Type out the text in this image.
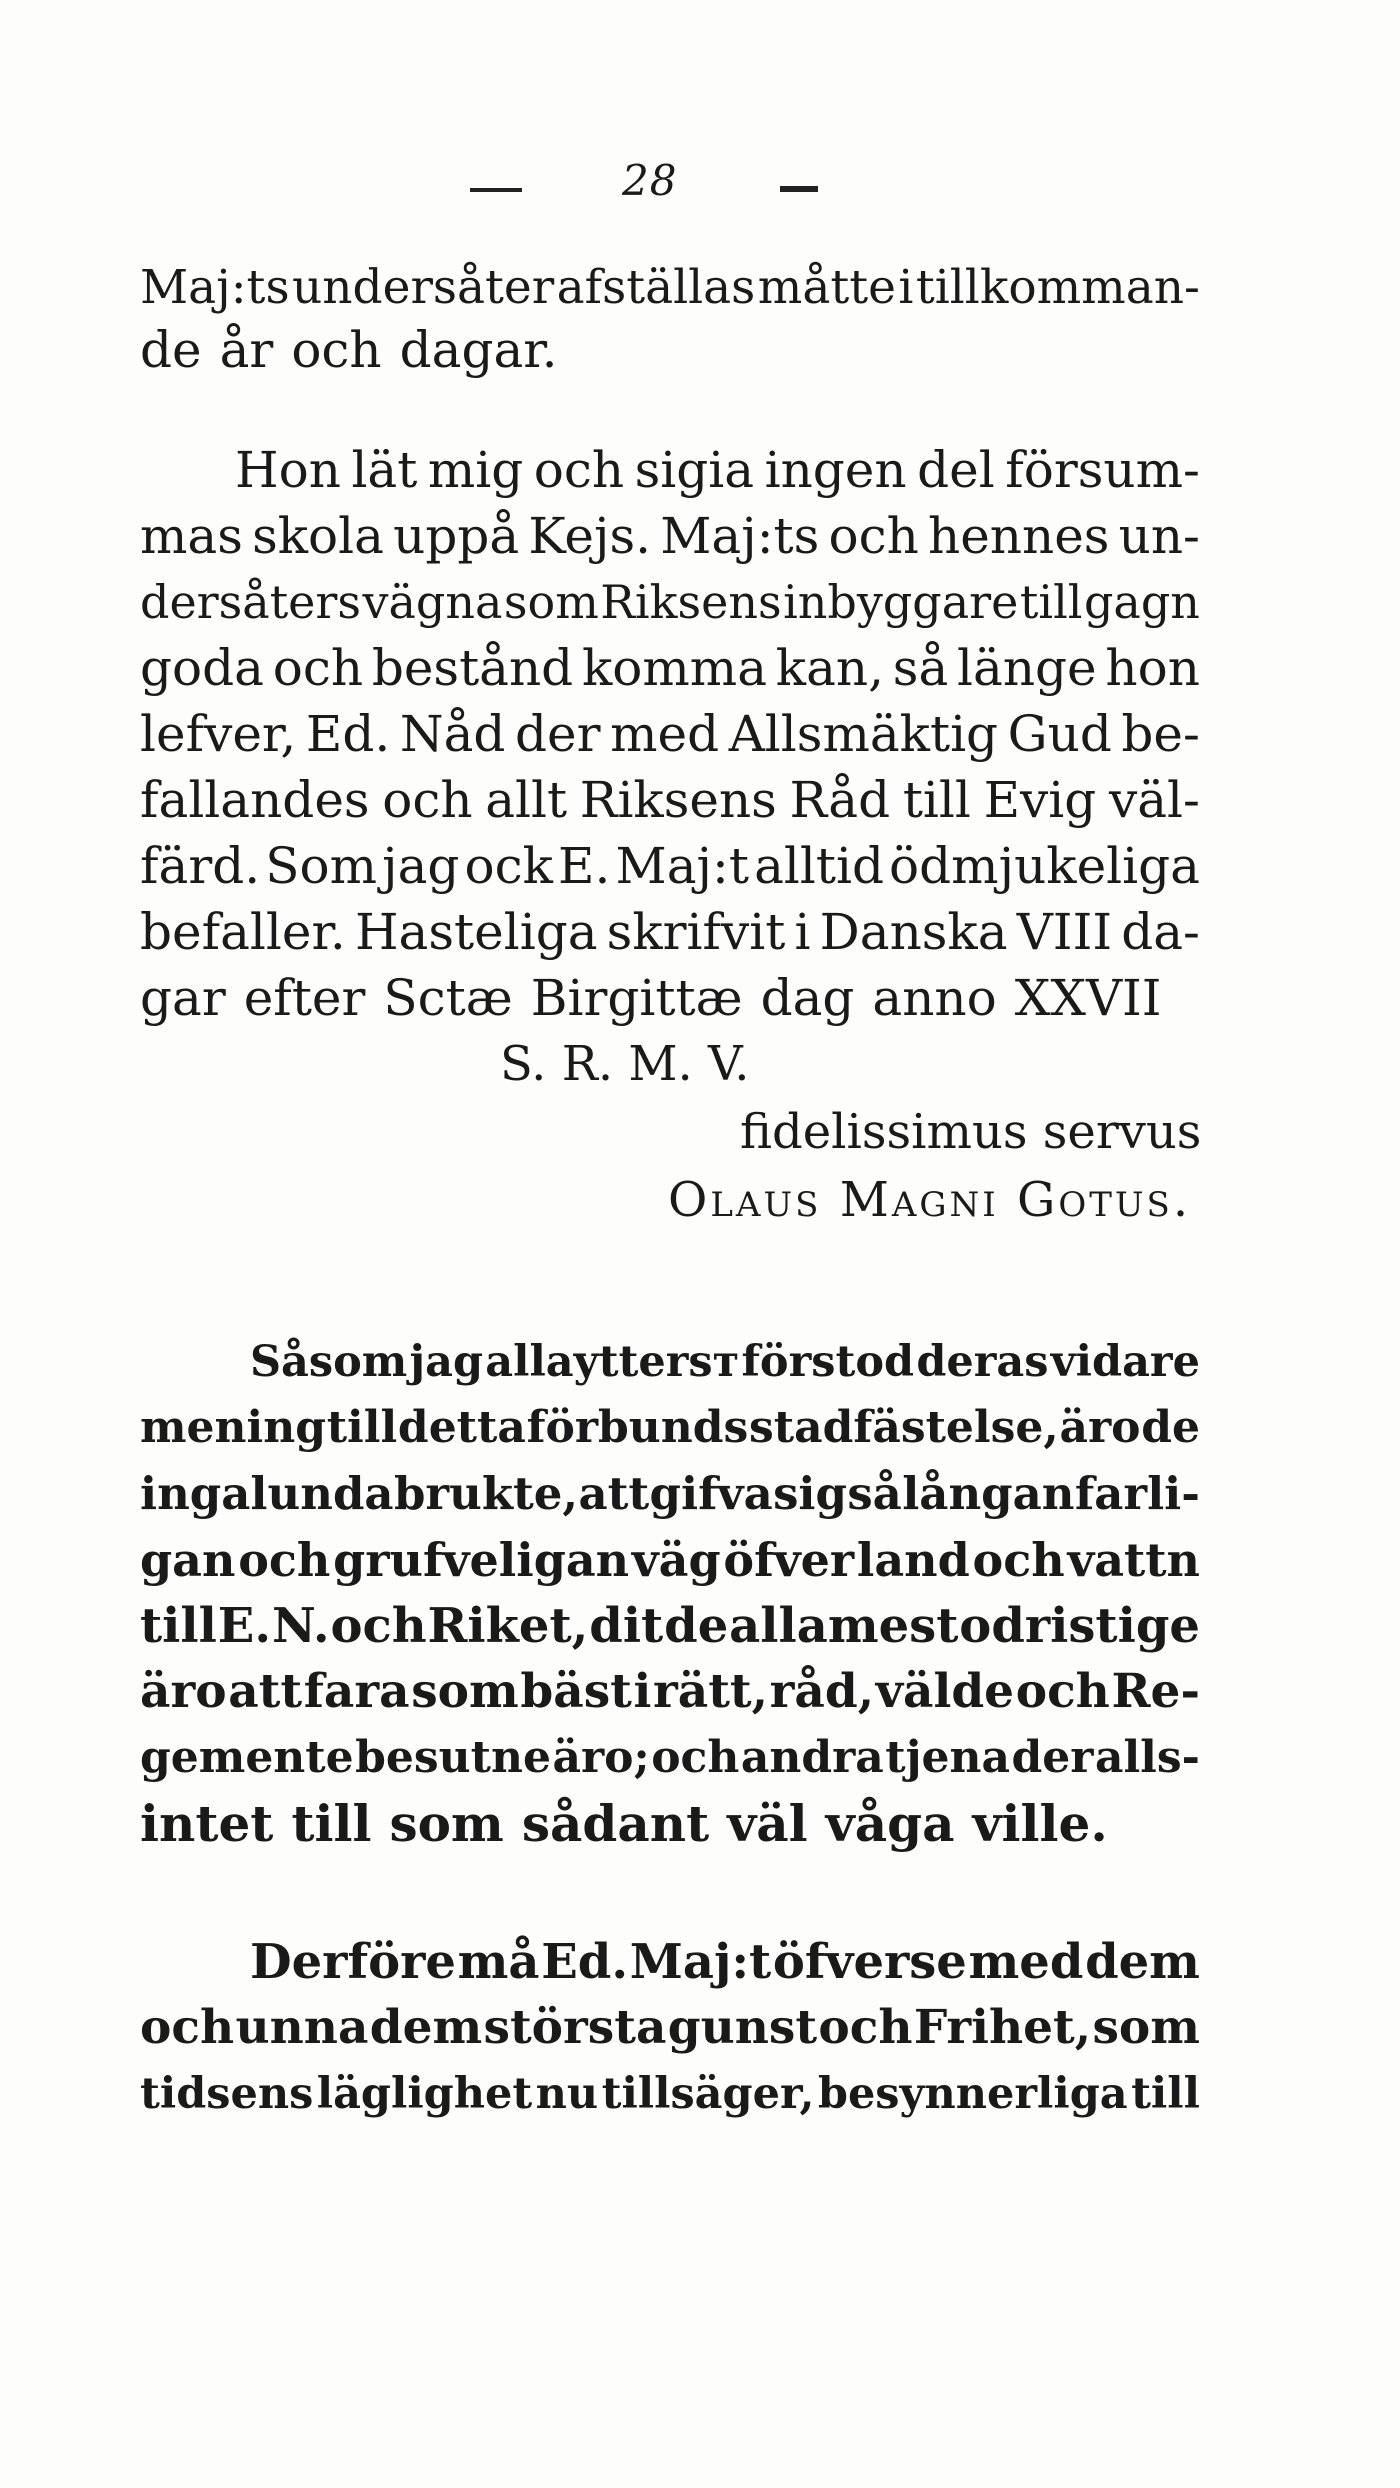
28
Maj:ts undersåter afställas måtte i tillkomman-
de år och dagar.
Hon lät mig och sigia ingen del försum-
mas skola uppå Kejs. Maj:ts och hennes un-
dersåters vägna som Riksens inbyggare till gagn
goda och bestånd komma kan, så länge hon
lefver, Ed. Nåd der med Allsmäktig Gud be-
fallandes och allt Riksens Råd till Evig väl-
färd. Som jag ock E. Maj:t alltid ödmjukeliga
befaller. Hasteliga skrifvit i Danska VIII da-
gar efter Sctæ Birgittæ dag anno XXVII
S. R. M. V.
fidelissimus servus
Olaus Magni Gotus.
Såsom jag allayttersт förstod deras vidare
mening till detta förbunds stadfästelse, äro de
ingalunda brukte, att gifva sig så långan farli-
gan och grufveligan väg öfver land och vattn
till E. N. och Riket, dit de allamest odristige
äro att fara som bäst i rätt, råd, välde och Re-
gemente besutne äro; och andra tjena der alls-
intet till som sådant väl våga ville.
Derföre må Ed. Maj:t öfverse med dem
och unna dem största gunst och Frihet, som
tidsens läglighet nu tillsäger, besynnerliga till
